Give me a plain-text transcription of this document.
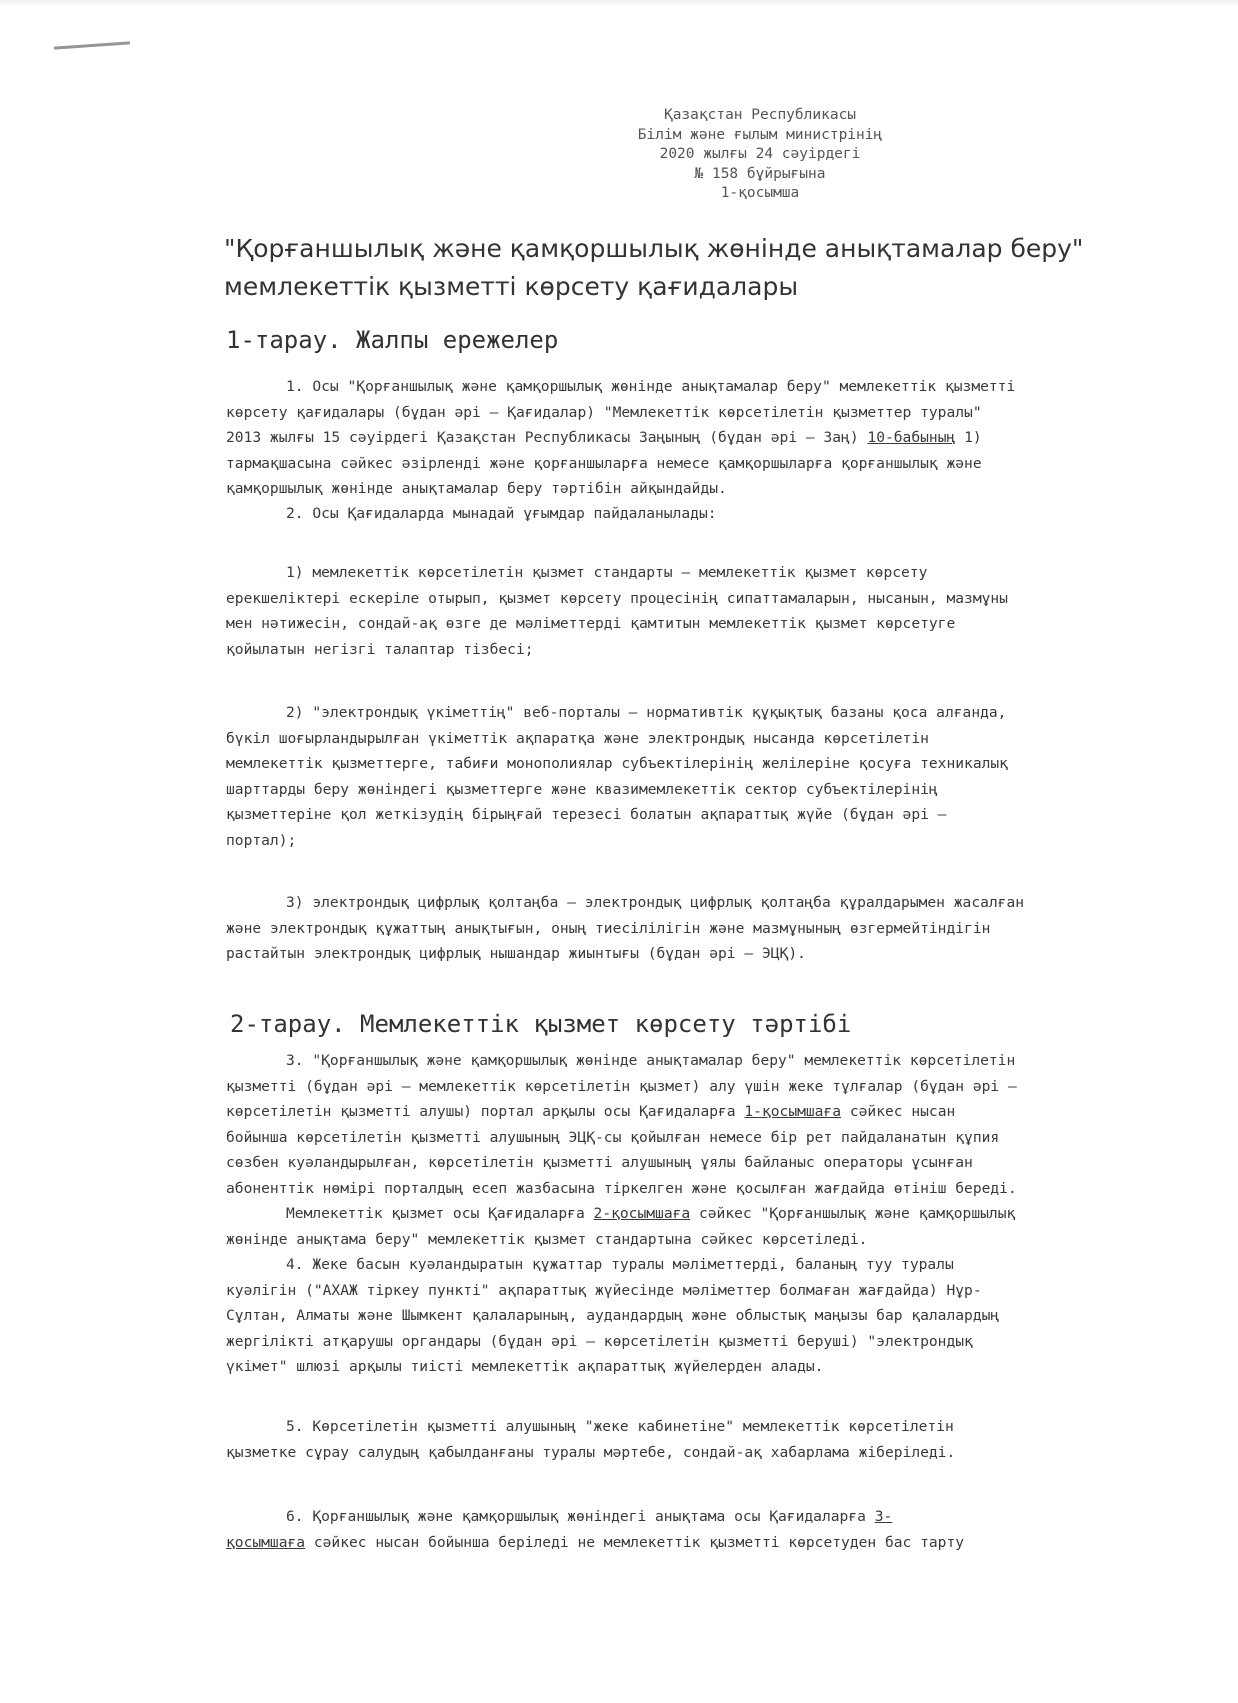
Қазақстан Республикасы
Білім және ғылым министрінің
2020 жылғы 24 сәуірдегі
№ 158 бұйрығына
1-қосымша
"Қорғаншылық және қамқоршылық жөнінде анықтамалар беру"
мемлекеттік қызметті көрсету қағидалары
1-тарау. Жалпы ережелер
1. Осы "Қорғаншылық және қамқоршылық жөнінде анықтамалар беру" мемлекеттік қызметті
көрсету қағидалары (бұдан әрі – Қағидалар) "Мемлекеттік көрсетілетін қызметтер туралы"
2013 жылғы 15 сәуірдегі Қазақстан Республикасы Заңының (бұдан әрі – Заң) 10-бабының 1)
тармақшасына сәйкес әзірленді және қорғаншыларға немесе қамқоршыларға қорғаншылық және
қамқоршылық жөнінде анықтамалар беру тәртібін айқындайды.
2. Осы Қағидаларда мынадай ұғымдар пайдаланылады:
1) мемлекеттік көрсетілетін қызмет стандарты – мемлекеттік қызмет көрсету
ерекшеліктері ескеріле отырып, қызмет көрсету процесінің сипаттамаларын, нысанын, мазмұны
мен нәтижесін, сондай-ақ өзге де мәліметтерді қамтитын мемлекеттік қызмет көрсетуге
қойылатын негізгі талаптар тізбесі;
2) "электрондық үкіметтің" веб-порталы – нормативтік құқықтық базаны қоса алғанда,
бүкіл шоғырландырылған үкіметтік ақпаратқа және электрондық нысанда көрсетілетін
мемлекеттік қызметтерге, табиғи монополиялар субъектілерінің желілеріне қосуға техникалық
шарттарды беру жөніндегі қызметтерге және квазимемлекеттік сектор субъектілерінің
қызметтеріне қол жеткізудің бірыңғай терезесі болатын ақпараттық жүйе (бұдан әрі –
портал);
3) электрондық цифрлық қолтаңба – электрондық цифрлық қолтаңба құралдарымен жасалған
және электрондық құжаттың анықтығын, оның тиесілілігін және мазмұнының өзгермейтіндігін
растайтын электрондық цифрлық нышандар жиынтығы (бұдан әрі – ЭЦҚ).
2-тарау. Мемлекеттік қызмет көрсету тәртібі
3. "Қорғаншылық және қамқоршылық жөнінде анықтамалар беру" мемлекеттік көрсетілетін
қызметті (бұдан әрі – мемлекеттік көрсетілетін қызмет) алу үшін жеке тұлғалар (бұдан әрі –
көрсетілетін қызметті алушы) портал арқылы осы Қағидаларға 1-қосымшаға сәйкес нысан
бойынша көрсетілетін қызметті алушының ЭЦҚ-сы қойылған немесе бір рет пайдаланатын құпия
сөзбен куәландырылған, көрсетілетін қызметті алушының ұялы байланыс операторы ұсынған
абоненттік нөмірі порталдың есеп жазбасына тіркелген және қосылған жағдайда өтініш береді.
Мемлекеттік қызмет осы Қағидаларға 2-қосымшаға сәйкес "Қорғаншылық және қамқоршылық
жөнінде анықтама беру" мемлекеттік қызмет стандартына сәйкес көрсетіледі.
4. Жеке басын куәландыратын құжаттар туралы мәліметтерді, баланың туу туралы
куәлігін ("АХАЖ тіркеу пункті" ақпараттық жүйесінде мәліметтер болмаған жағдайда) Нұр-
Сұлтан, Алматы және Шымкент қалаларының, аудандардың және облыстық маңызы бар қалалардың
жергілікті атқарушы органдары (бұдан әрі – көрсетілетін қызметті беруші) "электрондық
үкімет" шлюзі арқылы тиісті мемлекеттік ақпараттық жүйелерден алады.
5. Көрсетілетін қызметті алушының "жеке кабинетіне" мемлекеттік көрсетілетін
қызметке сұрау салудың қабылданғаны туралы мәртебе, сондай-ақ хабарлама жіберіледі.
6. Қорғаншылық және қамқоршылық жөніндегі анықтама осы Қағидаларға 3-
қосымшаға сәйкес нысан бойынша беріледі не мемлекеттік қызметті көрсетуден бас тарту
